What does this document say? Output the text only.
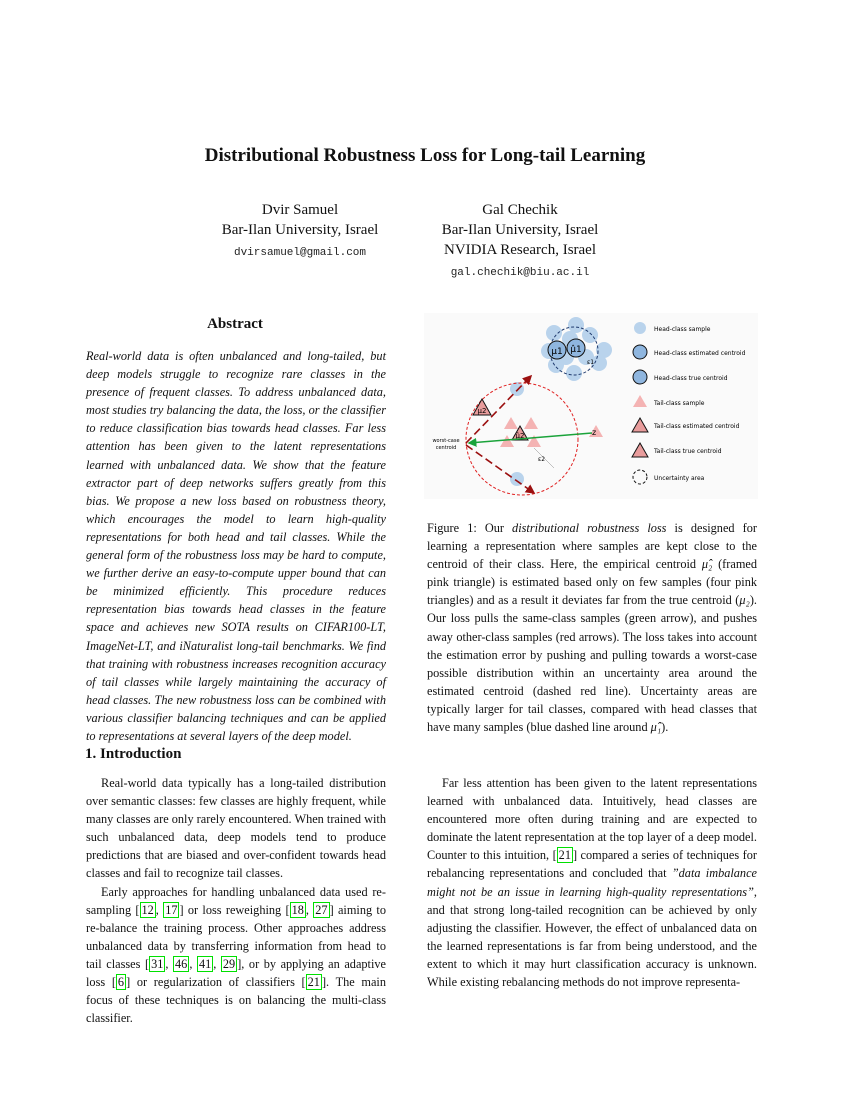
Distributional Robustness Loss for Long-tail Learning
Dvir Samuel
Bar-Ilan University, Israel
dvirsamuel@gmail.com
Gal Chechik
Bar-Ilan University, Israel
NVIDIA Research, Israel
gal.chechik@biu.ac.il
Abstract
Real-world data is often unbalanced and long-tailed, but deep models struggle to recognize rare classes in the presence of frequent classes. To address unbalanced data, most studies try balancing the data, the loss, or the classifier to reduce classification bias towards head classes. Far less attention has been given to the latent representations learned with unbalanced data. We show that the feature extractor part of deep networks suffers greatly from this bias. We propose a new loss based on robustness theory, which encourages the model to learn high-quality representations for both head and tail classes. While the general form of the robustness loss may be hard to compute, we further derive an easy-to-compute upper bound that can be minimized efficiently. This procedure reduces representation bias towards head classes in the feature space and achieves new SOTA results on CIFAR100-LT, ImageNet-LT, and iNaturalist long-tail benchmarks. We find that training with robustness increases recognition accuracy of tail classes while largely maintaining the accuracy of head classes. The new robustness loss can be combined with various classifier balancing techniques and can be applied to representations at several layers of the deep model.
μ1 μ̂1
ε1
z
μ2
μ̂2
ε2
worst-case
centroid
Head-class sample
Head-class estimated centroid
Head-class true centroid
Tail-class sample
Tail-class estimated centroid
Tail-class true centroid
Uncertainty area
Figure 1: Our distributional robustness loss is designed for learning a representation where samples are kept close to the centroid of their class. Here, the empirical centroid μ̂₂ (framed pink triangle) is estimated based only on few samples (four pink triangles) and as a result it deviates far from the true centroid (μ₂). Our loss pulls the same-class samples (green arrow), and pushes away other-class samples (red arrows). The loss takes into account the estimation error by pushing and pulling towards a worst-case possible distribution within an uncertainty area around the estimated centroid (dashed red line). Uncertainty areas are typically larger for tail classes, compared with head classes that have many samples (blue dashed line around μ̂₁).
1. Introduction

Real-world data typically has a long-tailed distribution over semantic classes: few classes are highly frequent, while many classes are only rarely encountered. When trained with such unbalanced data, deep models tend to produce predictions that are biased and over-confident towards head classes and fail to recognize tail classes.

Early approaches for handling unbalanced data used re-sampling [ 12 , 17 ] or loss reweighing [ 18 , 27 ] aiming to re-balance the training process. Other approaches address unbalanced data by transferring information from head to tail classes [ 31 , 46 , 41 , 29 ], or by applying an adaptive loss [ 6 ] or regularization of classifiers [ 21 ]. The main focus of these techniques is on balancing the multi-class classifier.

Far less attention has been given to the latent representations learned with unbalanced data. Intuitively, head classes are encountered more often during training and are expected to dominate the latent representation at the top layer of a deep model. Counter to this intuition, [ 21 ] compared a series of techniques for rebalancing representations and concluded that ”data imbalance might not be an issue in learning high-quality representations”, and that strong long-tailed recognition can be achieved by only adjusting the classifier. However, the effect of unbalanced data on the learned representations is far from being understood, and the extent to which it may hurt classification accuracy is unknown. While existing rebalancing methods do not improve representa-
